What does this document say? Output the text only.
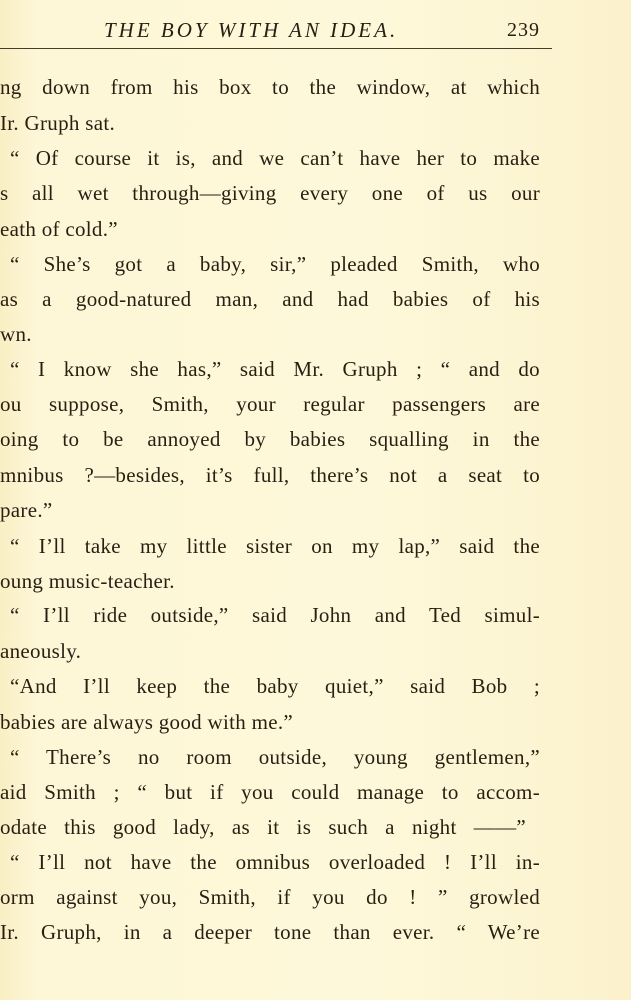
THE BOY WITH AN IDEA.	239
ng down from his box to the window, at which
Ir. Gruph sat.
“ Of course it is, and we can’t have her to make
s all wet through—giving every one of us our
eath of cold.”
“ She’s got a baby, sir,” pleaded Smith, who
as a good-natured man, and had babies of his
wn.
“ I know she has,” said Mr. Gruph ; “ and do
ou suppose, Smith, your regular passengers are
oing to be annoyed by babies squalling in the
mnibus ?—besides, it’s full, there’s not a seat to
pare.”
“ I’ll take my little sister on my lap,” said the
oung music-teacher.
“ I’ll ride outside,” said John and Ted simul-
aneously.
“And I’ll keep the baby quiet,” said Bob ;
babies are always good with me.”
“ There’s no room outside, young gentlemen,”
aid Smith ; “ but if you could manage to accom-
odate this good lady, as it is such a night ——”
“ I’ll not have the omnibus overloaded ! I’ll in-
orm against you, Smith, if you do ! ” growled
Ir. Gruph, in a deeper tone than ever. “ We’re
